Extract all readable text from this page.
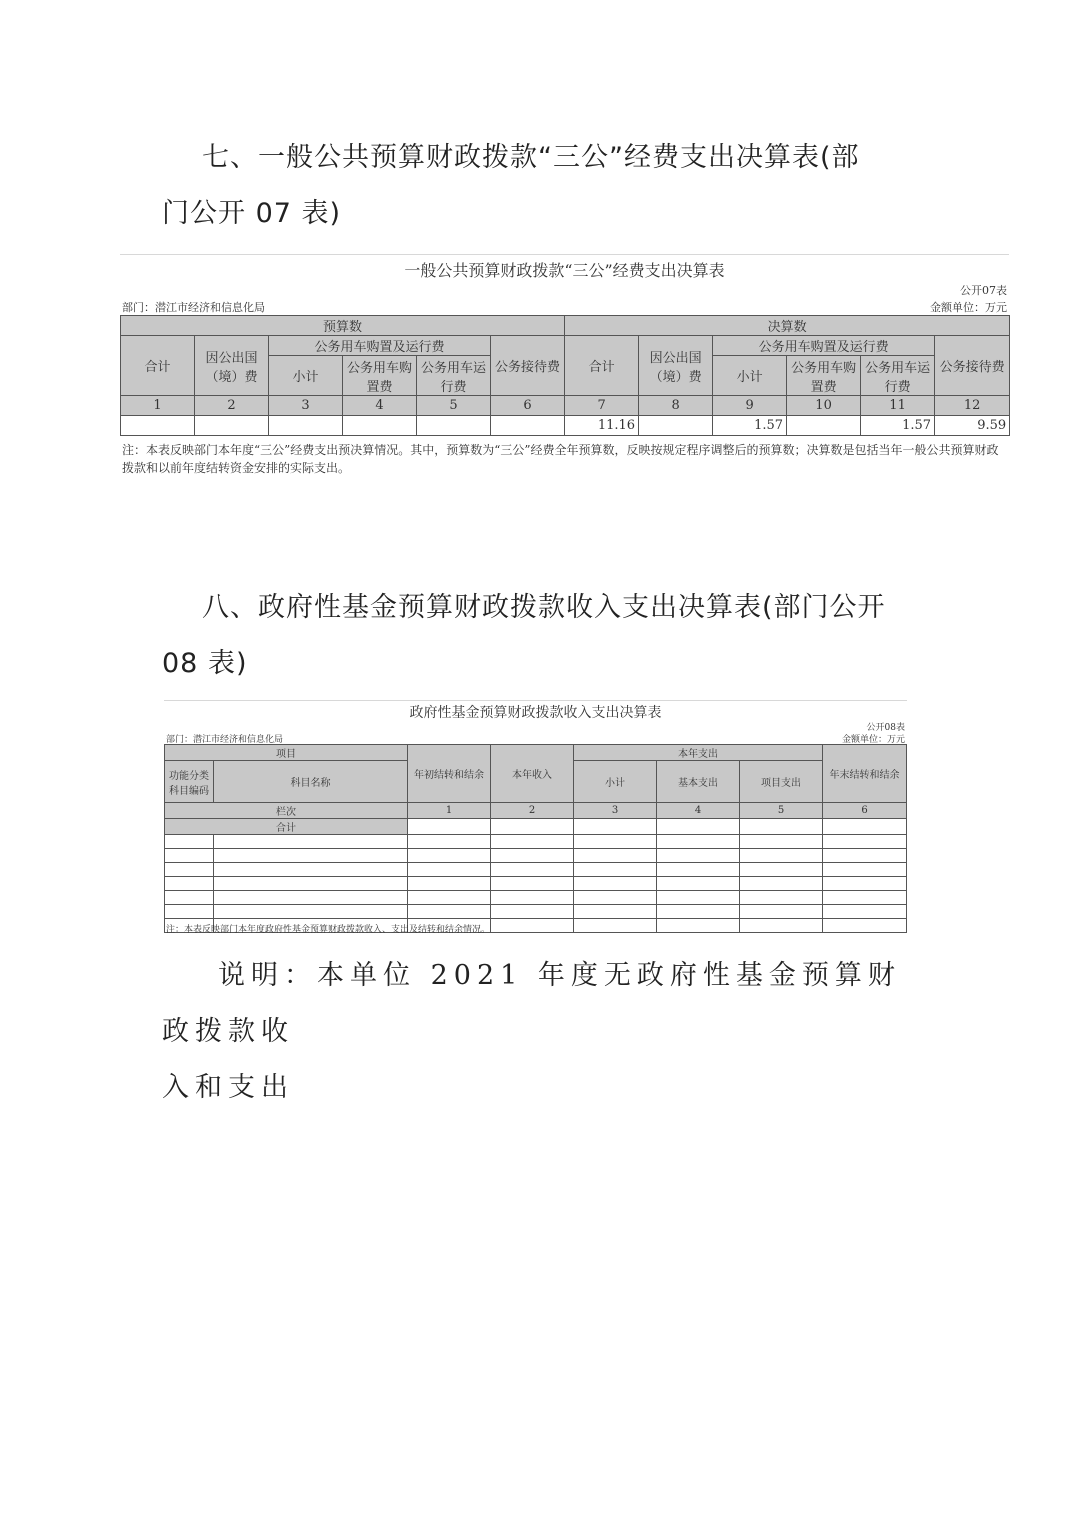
七、一般公共预算财政拨款“三公”经费支出决算表(部
门公开 07 表)
一般公共预算财政拨款“三公”经费支出决算表
公开07表
部门：潜江市经济和信息化局	金额单位：万元
预算数						决算数					
合计	因公出国（境）费	公务用车购置及运行费			公务接待费	合计	因公出国（境）费	公务用车购置及运行费			公务接待费
		小计	公务用车购置费	公务用车运行费				小计	公务用车购置费	公务用车运行费	
1	2	3	4	5	6	7	8	9	10	11	12
						11.16		1.57		1.57	9.59
注：本表反映部门本年度“三公”经费支出预决算情况。其中，预算数为“三公”经费全年预算数，反映按规定程序调整后的预算数；决算数是包括当年一般公共预算财政拨款和以前年度结转资金安排的实际支出。
八、政府性基金预算财政拨款收入支出决算表(部门公开
08 表)
政府性基金预算财政拨款收入支出决算表
公开08表
部门：潜江市经济和信息化局	金额单位：万元
项目		年初结转和结余	本年收入	本年支出			年末结转和结余
功能分类科目编码	科目名称			小计	基本支出	项目支出	
栏次		1	2	3	4	5	6
合计							

注：本表反映部门本年度政府性基金预算财政拨款收入、支出及结转和结余情况。
说明：本单位 2021 年度无政府性基金预算财政拨款收
入和支出
